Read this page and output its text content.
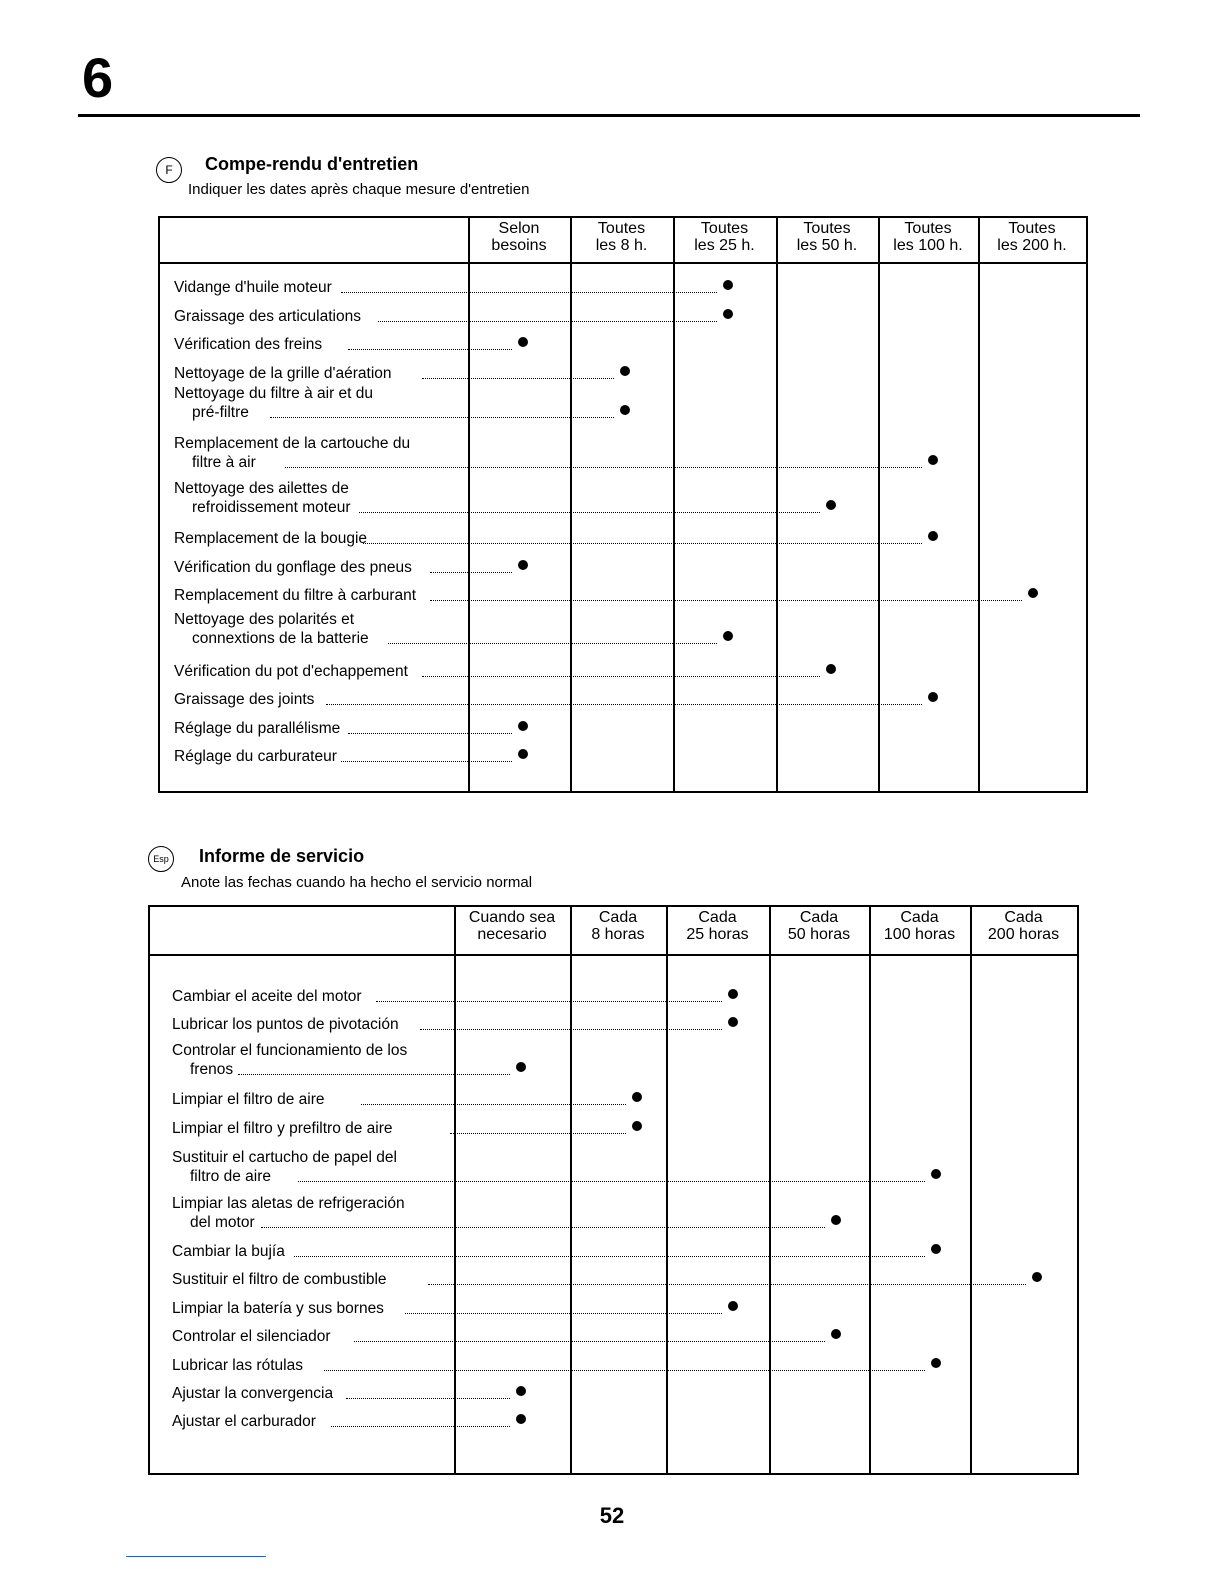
6
F	Compe-rendu d'entretien
Indiquer les dates après chaque mesure d'entretien
Selon
besoins
Toutes
les 8 h.
Toutes
les 25 h.
Toutes
les 50 h.
Toutes
les 100 h.
Toutes
les 200 h.
Vidange d'huile moteur
Graissage des articulations
Vérification des freins
Nettoyage de la grille d'aération
Nettoyage du filtre à air et du
pré-filtre
Remplacement de la cartouche du
filtre à air
Nettoyage des ailettes de
refroidissement moteur
Remplacement de la bougie
Vérification du gonflage des pneus
Remplacement du filtre à carburant
Nettoyage des polarités et
connextions de la batterie
Vérification du pot d'echappement
Graissage des joints
Réglage du parallélisme
Réglage du carburateur
Esp Informe de servicio
Anote las fechas cuando ha hecho el servicio normal
Cuando sea
necesario
Cada
8 horas
Cada
25 horas
Cada
50 horas
Cada
100 horas
Cada
200 horas
Cambiar el aceite del motor
Lubricar los puntos de pivotación
Controlar el funcionamiento de los
frenos
Limpiar el filtro de aire
Limpiar el filtro y prefiltro de aire
Sustituir el cartucho de papel del
filtro de aire
Limpiar las aletas de refrigeración
del motor
Cambiar la bujía
Sustituir el filtro de combustible
Limpiar la batería y sus bornes
Controlar el silenciador
Lubricar las rótulas
Ajustar la convergencia
Ajustar el carburador
52
